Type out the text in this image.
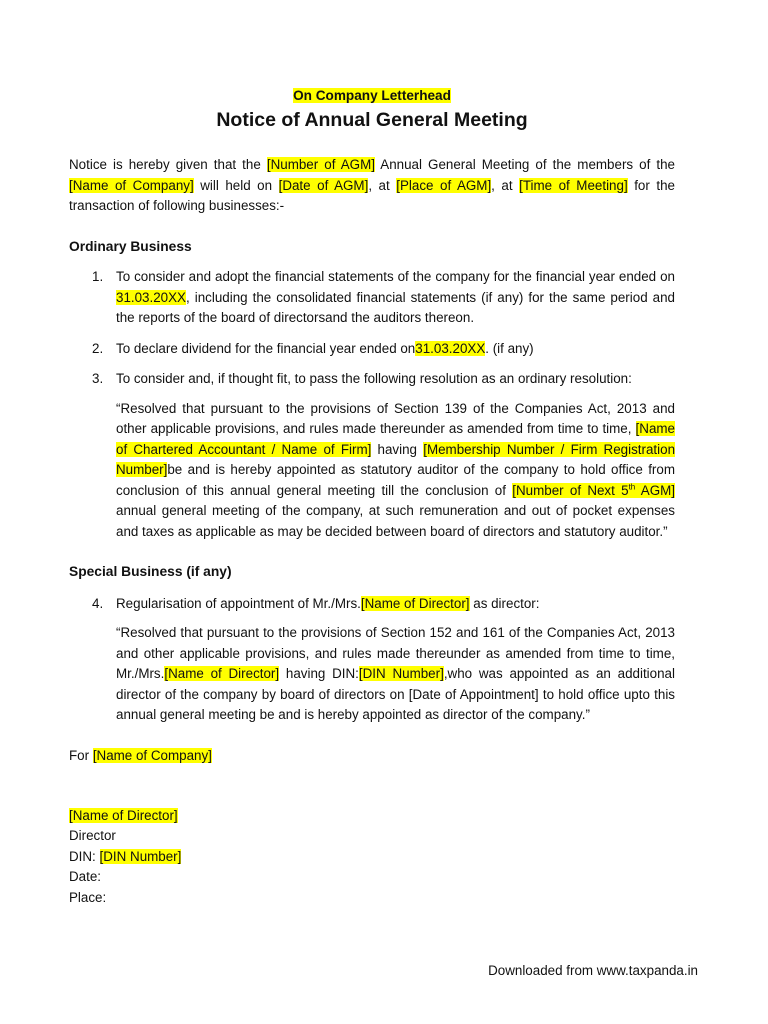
On Company Letterhead
Notice of Annual General Meeting
Notice is hereby given that the [Number of AGM] Annual General Meeting of the members of the [Name of Company] will held on [Date of AGM], at [Place of AGM], at [Time of Meeting] for the transaction of following businesses:-
Ordinary Business
1. To consider and adopt the financial statements of the company for the financial year ended on 31.03.20XX, including the consolidated financial statements (if any) for the same period and the reports of the board of directorsand the auditors thereon.
2. To declare dividend for the financial year ended on31.03.20XX. (if any)
3. To consider and, if thought fit, to pass the following resolution as an ordinary resolution:
“Resolved that pursuant to the provisions of Section 139 of the Companies Act, 2013 and other applicable provisions, and rules made thereunder as amended from time to time, [Name of Chartered Accountant / Name of Firm] having [Membership Number / Firm Registration Number]be and is hereby appointed as statutory auditor of the company to hold office from conclusion of this annual general meeting till the conclusion of [Number of Next 5th AGM] annual general meeting of the company, at such remuneration and out of pocket expenses and taxes as applicable as may be decided between board of directors and statutory auditor.”
Special Business (if any)
4. Regularisation of appointment of Mr./Mrs.[Name of Director] as director:
“Resolved that pursuant to the provisions of Section 152 and 161 of the Companies Act, 2013 and other applicable provisions, and rules made thereunder as amended from time to time, Mr./Mrs.[Name of Director] having DIN:[DIN Number],who was appointed as an additional director of the company by board of directors on [Date of Appointment] to hold office upto this annual general meeting be and is hereby appointed as director of the company.”
For [Name of Company]
[Name of Director]
Director
DIN: [DIN Number]
Date:
Place:
Downloaded from www.taxpanda.in
